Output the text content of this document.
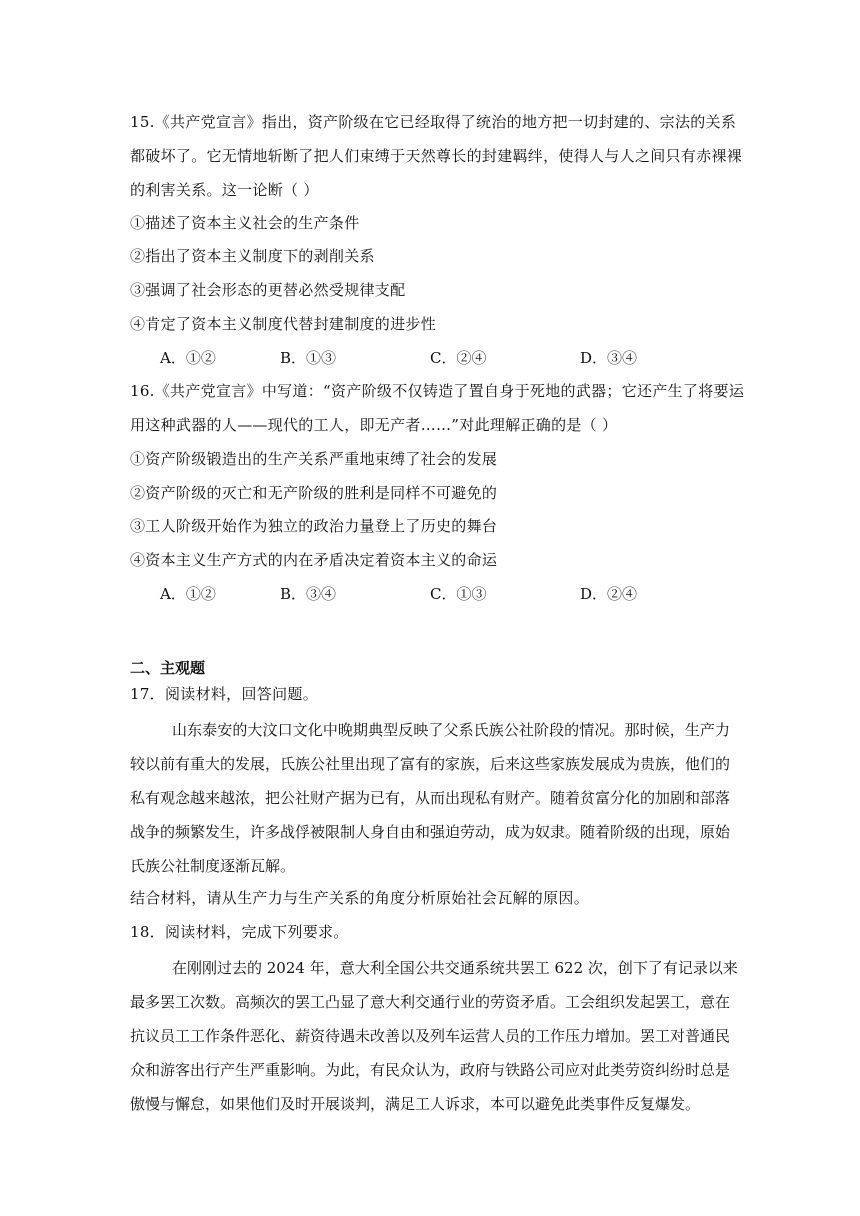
15.《共产党宣言》指出，资产阶级在它已经取得了统治的地方把一切封建的、宗法的关系
都破坏了。它无情地斩断了把人们束缚于天然尊长的封建羁绊，使得人与人之间只有赤裸裸
的利害关系。这一论断（ ）
①描述了资本主义社会的生产条件
②指出了资本主义制度下的剥削关系
③强调了社会形态的更替必然受规律支配
④肯定了资本主义制度代替封建制度的进步性
A．①②	B．①③	C．②④	D．③④
16.《共产党宣言》中写道：“资产阶级不仅铸造了置自身于死地的武器；它还产生了将要运
用这种武器的人——现代的工人，即无产者……”对此理解正确的是（ ）
①资产阶级锻造出的生产关系严重地束缚了社会的发展
②资产阶级的灭亡和无产阶级的胜利是同样不可避免的
③工人阶级开始作为独立的政治力量登上了历史的舞台
④资本主义生产方式的内在矛盾决定着资本主义的命运
A．①②	B．③④	C．①③	D．②④
二、主观题
17．阅读材料，回答问题。
山东泰安的大汶口文化中晚期典型反映了父系氏族公社阶段的情况。那时候，生产力
较以前有重大的发展，氏族公社里出现了富有的家族，后来这些家族发展成为贵族，他们的
私有观念越来越浓，把公社财产据为已有，从而出现私有财产。随着贫富分化的加剧和部落
战争的频繁发生，许多战俘被限制人身自由和强迫劳动，成为奴隶。随着阶级的出现，原始
氏族公社制度逐渐瓦解。
结合材料，请从生产力与生产关系的角度分析原始社会瓦解的原因。
18．阅读材料，完成下列要求。
在刚刚过去的 2024 年，意大利全国公共交通系统共罢工 622 次，创下了有记录以来
最多罢工次数。高频次的罢工凸显了意大利交通行业的劳资矛盾。工会组织发起罢工，意在
抗议员工工作条件恶化、薪资待遇未改善以及列车运营人员的工作压力增加。罢工对普通民
众和游客出行产生严重影响。为此，有民众认为，政府与铁路公司应对此类劳资纠纷时总是
傲慢与懈怠，如果他们及时开展谈判，满足工人诉求，本可以避免此类事件反复爆发。
